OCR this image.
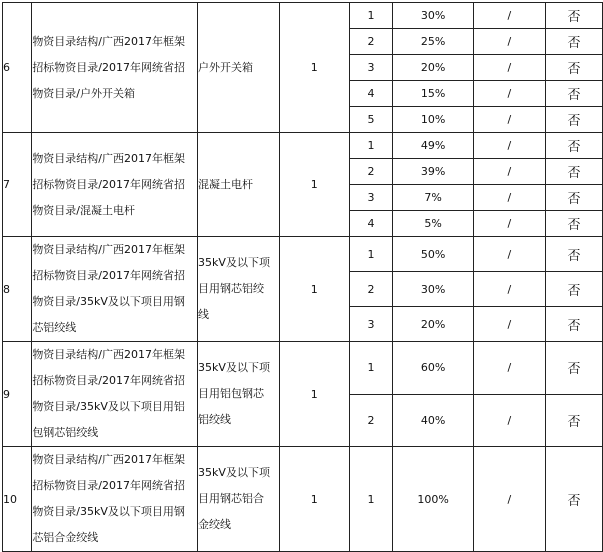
6	物资目录结构/广西2017年框架
招标物资目录/2017年网统省招
物资目录/户外开关箱	户外开关箱	1	1	30%	/	否
				2	25%	/	否
				3	20%	/	否
				4	15%	/	否
				5	10%	/	否
7	物资目录结构/广西2017年框架
招标物资目录/2017年网统省招
物资目录/混凝土电杆	混凝土电杆	1	1	49%	/	否
				2	39%	/	否
				3	7%	/	否
				4	5%	/	否
8	物资目录结构/广西2017年框架
招标物资目录/2017年网统省招
物资目录/35kV及以下项目用钢
芯铝绞线	35kV及以下项
目用钢芯铝绞
线	1	1	50%	/	否
				2	30%	/	否
				3	20%	/	否
9	物资目录结构/广西2017年框架
招标物资目录/2017年网统省招
物资目录/35kV及以下项目用铝
包钢芯铝绞线	35kV及以下项
目用铝包钢芯
铝绞线	1	1	60%	/	否
				2	40%	/	否
10	物资目录结构/广西2017年框架
招标物资目录/2017年网统省招
物资目录/35kV及以下项目用钢
芯铝合金绞线	35kV及以下项
目用钢芯铝合
金绞线	1	1	100%	/	否
